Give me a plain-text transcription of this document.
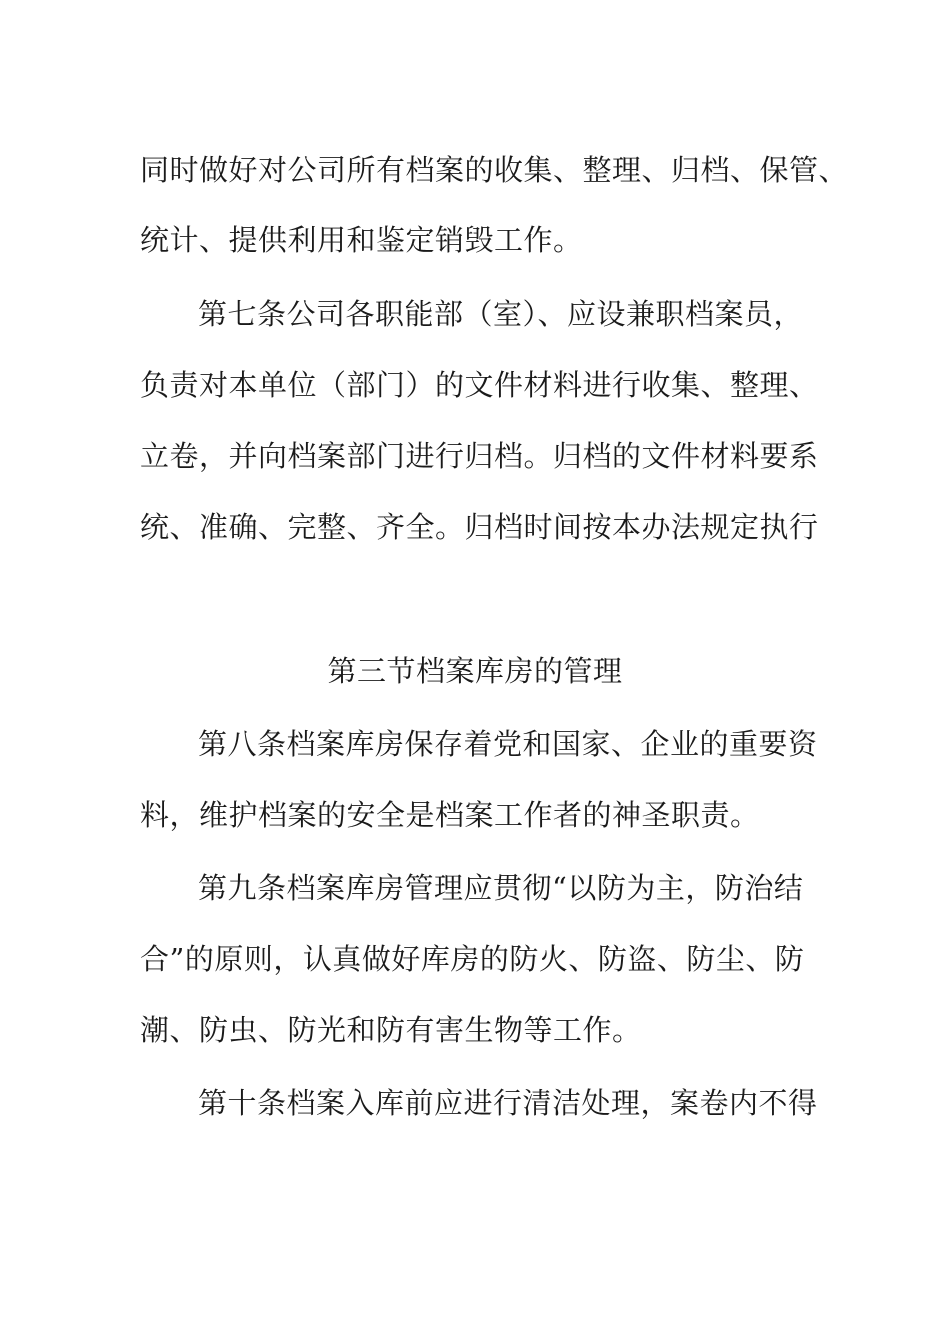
同时做好对公司所有档案的收集、整理、归档、保管、
统计、提供利用和鉴定销毁工作。
第七条公司各职能部（室）、应设兼职档案员，
负责对本单位（部门）的文件材料进行收集、整理、
立卷，并向档案部门进行归档。归档的文件材料要系
统、准确、完整、齐全。归档时间按本办法规定执行
第三节档案库房的管理
第八条档案库房保存着党和国家、企业的重要资
料，维护档案的安全是档案工作者的神圣职责。
第九条档案库房管理应贯彻“以防为主，防治结
合”的原则，认真做好库房的防火、防盗、防尘、防
潮、防虫、防光和防有害生物等工作。
第十条档案入库前应进行清洁处理，案卷内不得
